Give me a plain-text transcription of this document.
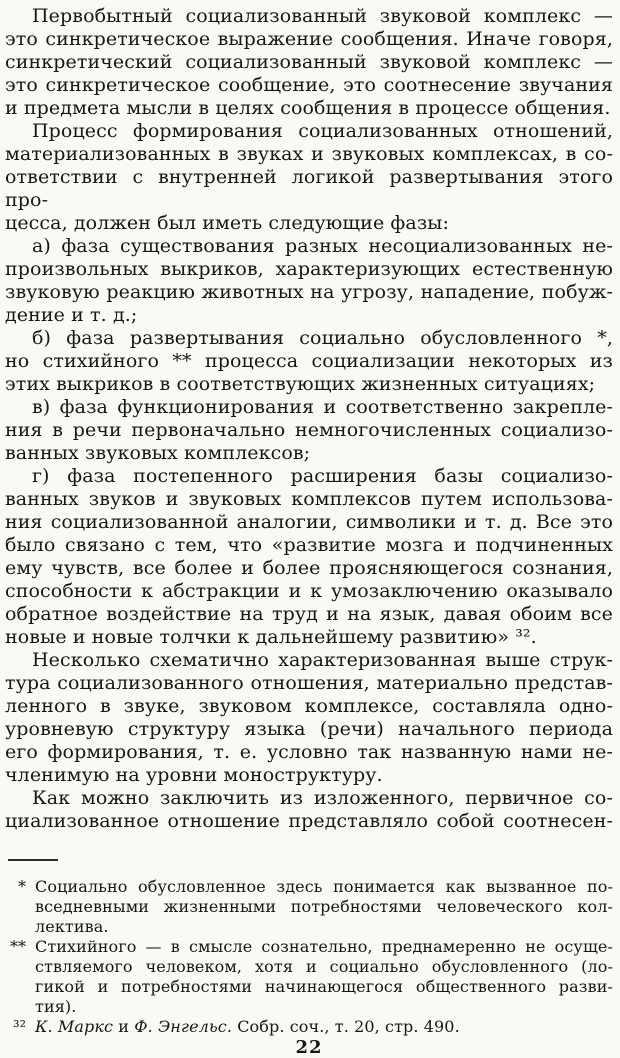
Первобытный социализованный звуковой комплекс —
это синкретическое выражение сообщения. Иначе говоря,
синкретический социализованный звуковой комплекс —
это синкретическое сообщение, это соотнесение звучания
и предмета мысли в целях сообщения в процессе общения.
Процесс формирования социализованных отношений,
материализованных в звуках и звуковых комплексах, в со-
ответствии с внутренней логикой развертывания этого про-
цесса, должен был иметь следующие фазы:
а) фаза существования разных несоциализованных не-
произвольных выкриков, характеризующих естественную
звуковую реакцию животных на угрозу, нападение, побуж-
дение и т. д.;
б) фаза развертывания социально обусловленного *,
но стихийного ** процесса социализации некоторых из
этих выкриков в соответствующих жизненных ситуациях;
в) фаза функционирования и соответственно закрепле-
ния в речи первоначально немногочисленных социализо-
ванных звуковых комплексов;
г) фаза постепенного расширения базы социализо-
ванных звуков и звуковых комплексов путем использова-
ния социализованной аналогии, символики и т. д. Все это
было связано с тем, что «развитие мозга и подчиненных
ему чувств, все более и более проясняющегося сознания,
способности к абстракции и к умозаключению оказывало
обратное воздействие на труд и на язык, давая обоим все
новые и новые толчки к дальнейшему развитию» ³².
Несколько схематично характеризованная выше струк-
тура социализованного отношения, материально представ-
ленного в звуке, звуковом комплексе, составляла одно-
уровневую структуру языка (речи) начального периода
его формирования, т. е. условно так названную нами не-
членимую на уровни моноструктуру.
Как можно заключить из изложенного, первичное со-
циализованное отношение представляло собой соотнесен-
* Социально обусловленное здесь понимается как вызванное по-
вседневными жизненными потребностями человеческого кол-
лектива.
** Стихийного — в смысле сознательно, преднамеренно не осуще-
ствляемого человеком, хотя и социально обусловленного (ло-
гикой и потребностями начинающегося общественного разви-
тия).
³² К. Маркс и Ф. Энгельс. Собр. соч., т. 20, стр. 490.
22
